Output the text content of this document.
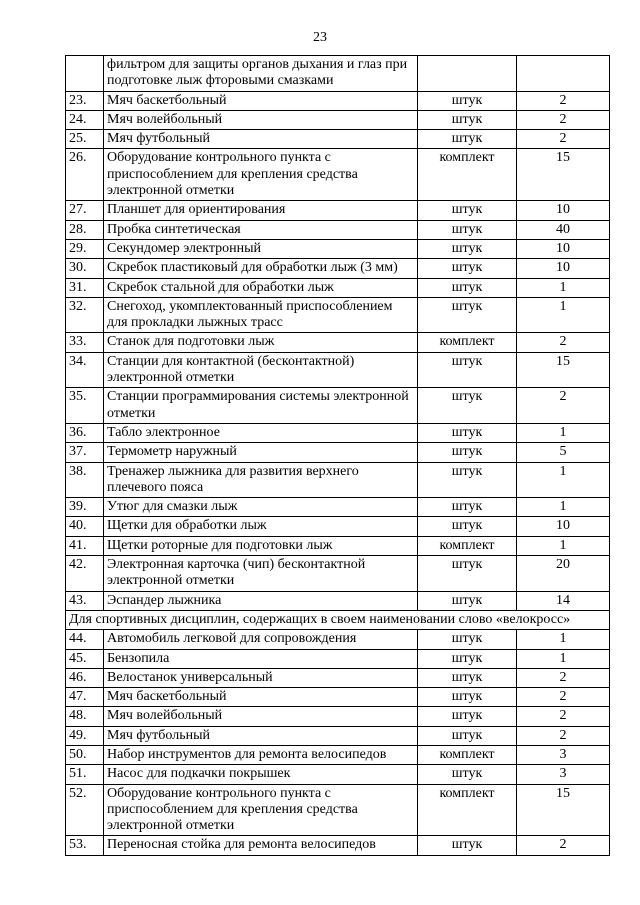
23
	фильтром для защиты органов дыхания и глаз при подготовке лыж фторовыми смазками		
23.	Мяч баскетбольный	штук	2
24.	Мяч волейбольный	штук	2
25.	Мяч футбольный	штук	2
26.	Оборудование контрольного пункта с приспособлением для крепления средства электронной отметки	комплект	15
27.	Планшет для ориентирования	штук	10
28.	Пробка синтетическая	штук	40
29.	Секундомер электронный	штук	10
30.	Скребок пластиковый для обработки лыж (3 мм)	штук	10
31.	Скребок стальной для обработки лыж	штук	1
32.	Снегоход, укомплектованный приспособлением для прокладки лыжных трасс	штук	1
33.	Станок для подготовки лыж	комплект	2
34.	Станции для контактной (бесконтактной) электронной отметки	штук	15
35.	Станции программирования системы электронной отметки	штук	2
36.	Табло электронное	штук	1
37.	Термометр наружный	штук	5
38.	Тренажер лыжника для развития верхнего плечевого пояса	штук	1
39.	Утюг для смазки лыж	штук	1
40.	Щетки для обработки лыж	штук	10
41.	Щетки роторные для подготовки лыж	комплект	1
42.	Электронная карточка (чип) бесконтактной электронной отметки	штук	20
43.	Эспандер лыжника	штук	14
Для спортивных дисциплин, содержащих в своем наименовании слово «велокросс»			
44.	Автомобиль легковой для сопровождения	штук	1
45.	Бензопила	штук	1
46.	Велостанок универсальный	штук	2
47.	Мяч баскетбольный	штук	2
48.	Мяч волейбольный	штук	2
49.	Мяч футбольный	штук	2
50.	Набор инструментов для ремонта велосипедов	комплект	3
51.	Насос для подкачки покрышек	штук	3
52.	Оборудование контрольного пункта с приспособлением для крепления средства электронной отметки	комплект	15
53.	Переносная стойка для ремонта велосипедов	штук	2
